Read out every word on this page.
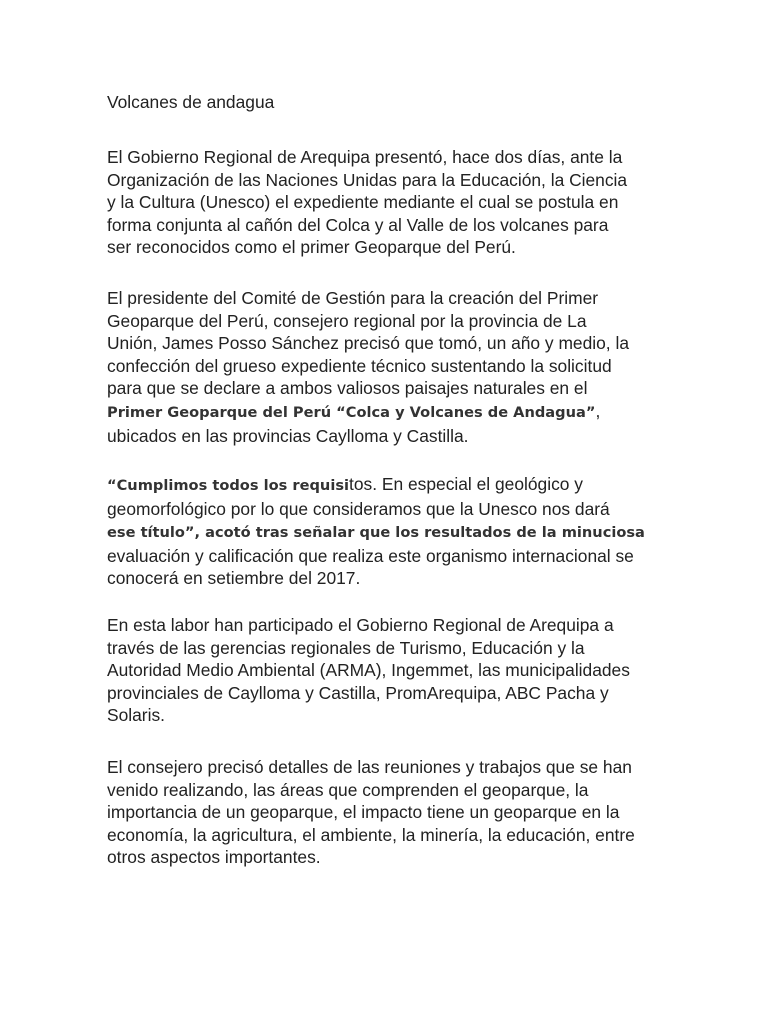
Volcanes de andagua
El Gobierno Regional de Arequipa presentó, hace dos días, ante la
Organización de las Naciones Unidas para la Educación, la Ciencia
y la Cultura (Unesco) el expediente mediante el cual se postula en
forma conjunta al cañón del Colca y al Valle de los volcanes para
ser reconocidos como el primer Geoparque del Perú.
El presidente del Comité de Gestión para la creación del Primer
Geoparque del Perú, consejero regional por la provincia de La
Unión, James Posso Sánchez precisó que tomó, un año y medio, la
confección del grueso expediente técnico sustentando la solicitud
para que se declare a ambos valiosos paisajes naturales en el
Primer Geoparque del Perú “Colca y Volcanes de Andagua”,
ubicados en las provincias Caylloma y Castilla.
“Cumplimos todos los requisitos. En especial el geológico y
geomorfológico por lo que consideramos que la Unesco nos dará
ese título”, acotó tras señalar que los resultados de la minuciosa
evaluación y calificación que realiza este organismo internacional se
conocerá en setiembre del 2017.
En esta labor han participado el Gobierno Regional de Arequipa a
través de las gerencias regionales de Turismo, Educación y la
Autoridad Medio Ambiental (ARMA), Ingemmet, las municipalidades
provinciales de Caylloma y Castilla, PromArequipa, ABC Pacha y
Solaris.
El consejero precisó detalles de las reuniones y trabajos que se han
venido realizando, las áreas que comprenden el geoparque, la
importancia de un geoparque, el impacto tiene un geoparque en la
economía, la agricultura, el ambiente, la minería, la educación, entre
otros aspectos importantes.
